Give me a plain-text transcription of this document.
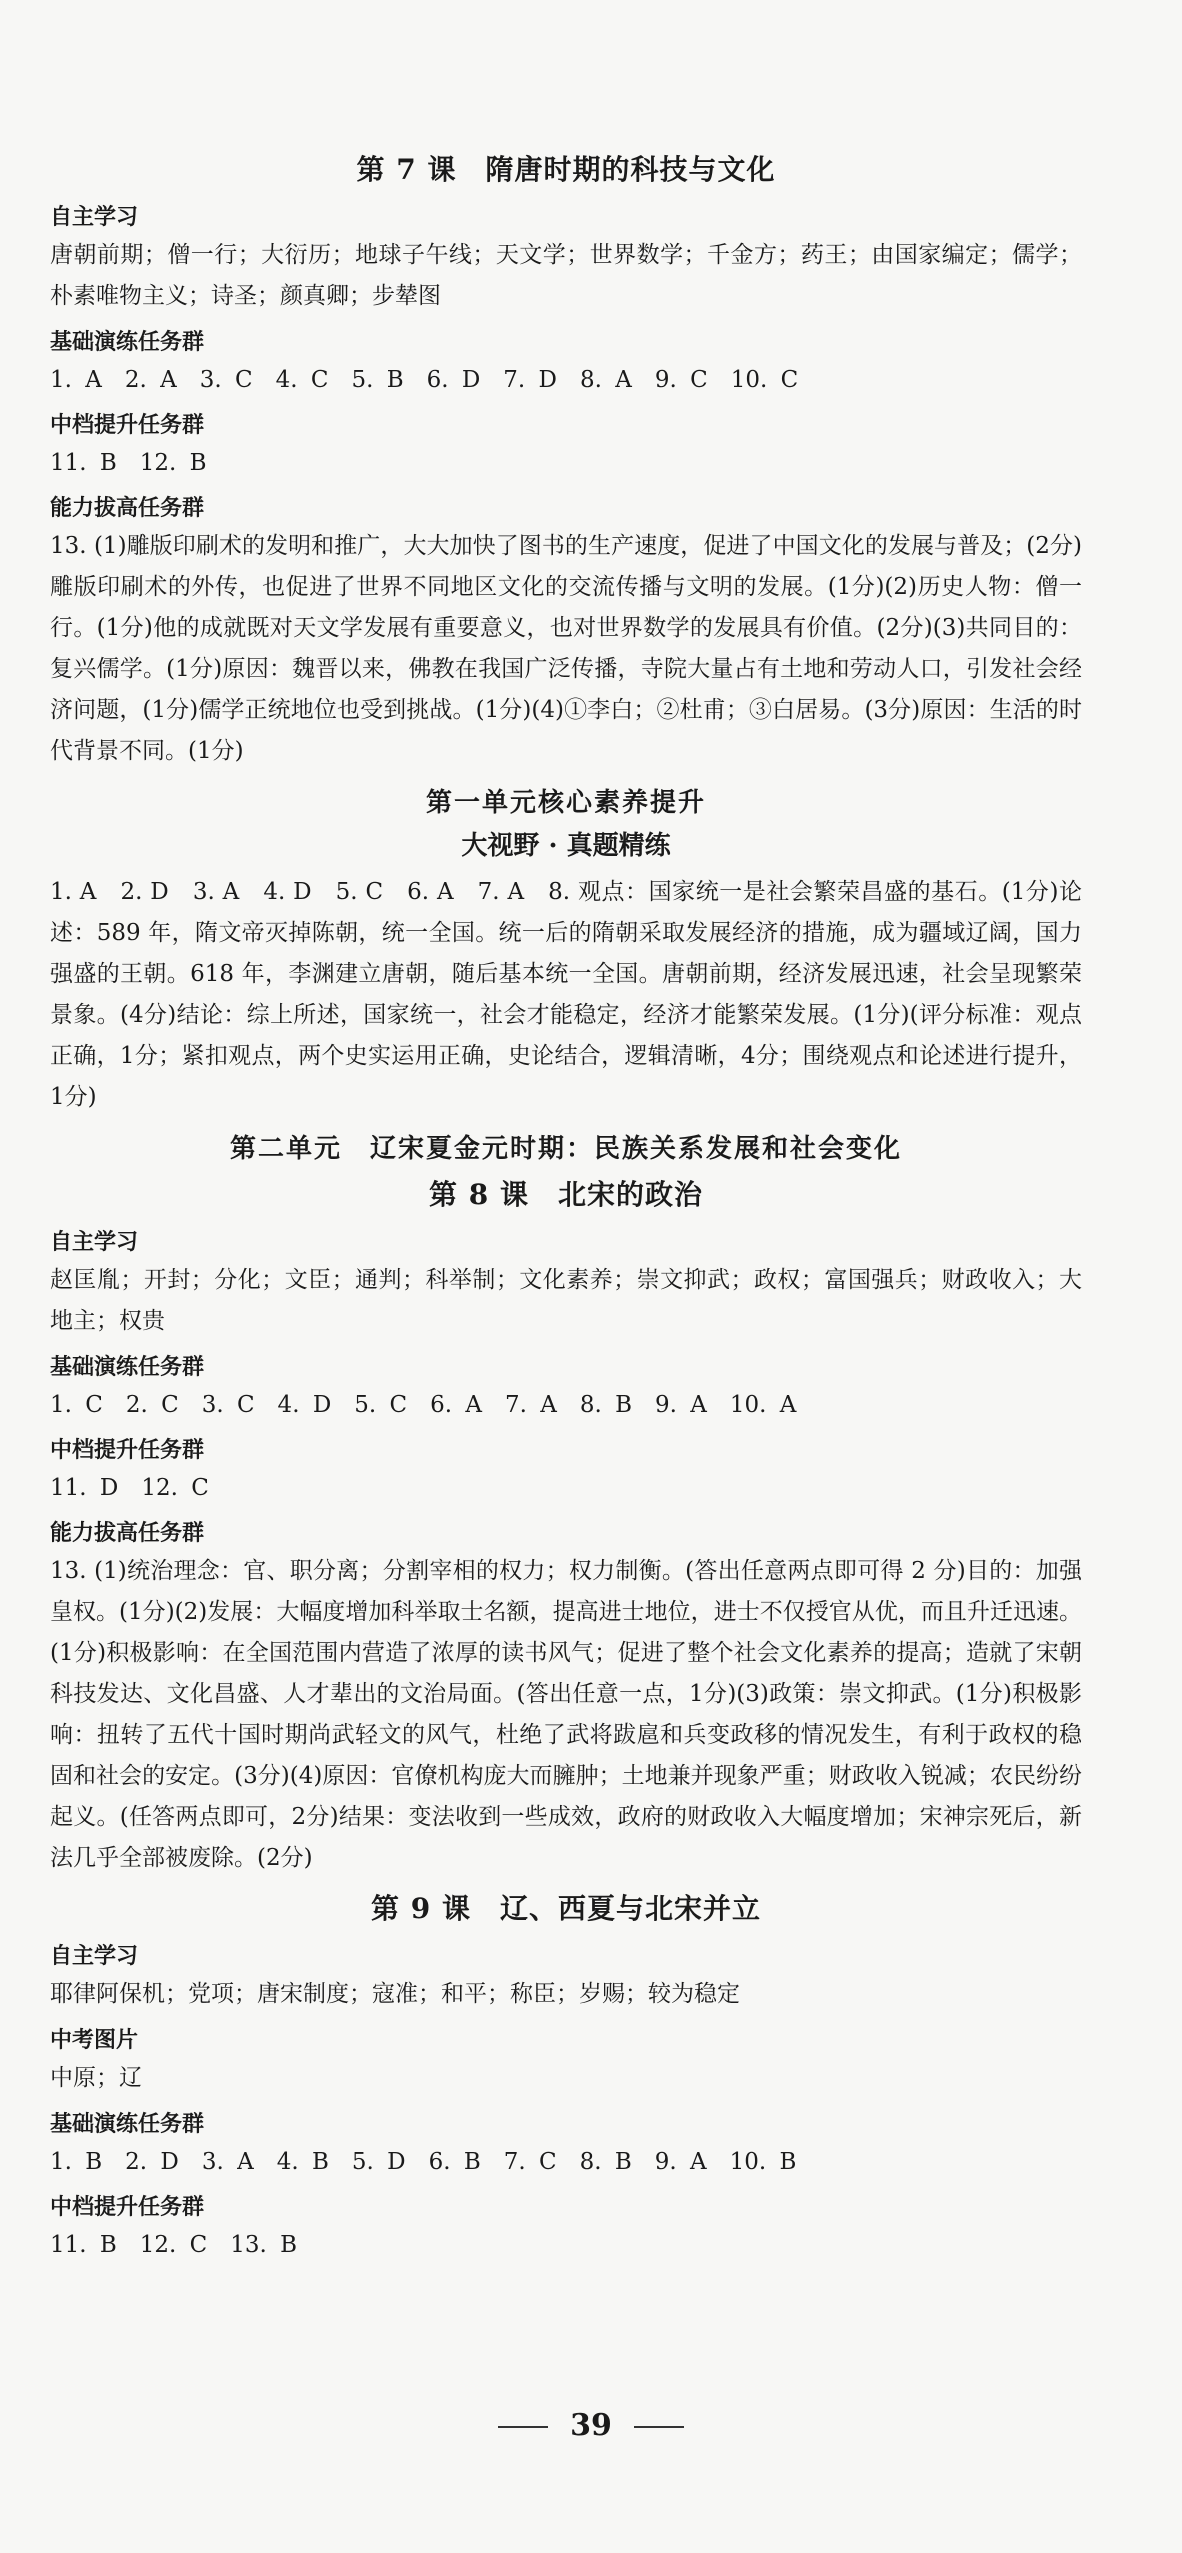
第 7 课　隋唐时期的科技与文化
自主学习
唐朝前期；僧一行；大衍历；地球子午线；天文学；世界数学；千金方；药王；由国家编定；儒学；朴素唯物主义；诗圣；颜真卿；步辇图
基础演练任务群
1. A　2. A　3. C　4. C　5. B　6. D　7. D　8. A　9. C　10. C
中档提升任务群
11. B　12. B
能力拔高任务群
13. (1)雕版印刷术的发明和推广，大大加快了图书的生产速度，促进了中国文化的发展与普及；(2分)雕版印刷术的外传，也促进了世界不同地区文化的交流传播与文明的发展。(1分)(2)历史人物：僧一行。(1分)他的成就既对天文学发展有重要意义，也对世界数学的发展具有价值。(2分)(3)共同目的：复兴儒学。(1分)原因：魏晋以来，佛教在我国广泛传播，寺院大量占有土地和劳动人口，引发社会经济问题，(1分)儒学正统地位也受到挑战。(1分)(4)①李白；②杜甫；③白居易。(3分)原因：生活的时代背景不同。(1分)
第一单元核心素养提升
大视野 · 真题精练
1. A　2. D　3. A　4. D　5. C　6. A　7. A　8. 观点：国家统一是社会繁荣昌盛的基石。(1分)论述：589 年，隋文帝灭掉陈朝，统一全国。统一后的隋朝采取发展经济的措施，成为疆域辽阔，国力强盛的王朝。618 年，李渊建立唐朝，随后基本统一全国。唐朝前期，经济发展迅速，社会呈现繁荣景象。(4分)结论：综上所述，国家统一，社会才能稳定，经济才能繁荣发展。(1分)(评分标准：观点正确，1分；紧扣观点，两个史实运用正确，史论结合，逻辑清晰，4分；围绕观点和论述进行提升，1分)
第二单元　辽宋夏金元时期：民族关系发展和社会变化
第 8 课　北宋的政治
自主学习
赵匡胤；开封；分化；文臣；通判；科举制；文化素养；崇文抑武；政权；富国强兵；财政收入；大地主；权贵
基础演练任务群
1. C　2. C　3. C　4. D　5. C　6. A　7. A　8. B　9. A　10. A
中档提升任务群
11. D　12. C
能力拔高任务群
13. (1)统治理念：官、职分离；分割宰相的权力；权力制衡。(答出任意两点即可得 2 分)目的：加强皇权。(1分)(2)发展：大幅度增加科举取士名额，提高进士地位，进士不仅授官从优，而且升迁迅速。(1分)积极影响：在全国范围内营造了浓厚的读书风气；促进了整个社会文化素养的提高；造就了宋朝科技发达、文化昌盛、人才辈出的文治局面。(答出任意一点，1分)(3)政策：崇文抑武。(1分)积极影响：扭转了五代十国时期尚武轻文的风气，杜绝了武将跋扈和兵变政移的情况发生，有利于政权的稳固和社会的安定。(3分)(4)原因：官僚机构庞大而臃肿；土地兼并现象严重；财政收入锐减；农民纷纷起义。(任答两点即可，2分)结果：变法收到一些成效，政府的财政收入大幅度增加；宋神宗死后，新法几乎全部被废除。(2分)
第 9 课　辽、西夏与北宋并立
自主学习
耶律阿保机；党项；唐宋制度；寇准；和平；称臣；岁赐；较为稳定
中考图片
中原；辽
基础演练任务群
1. B　2. D　3. A　4. B　5. D　6. B　7. C　8. B　9. A　10. B
中档提升任务群
11. B　12. C　13. B
39
